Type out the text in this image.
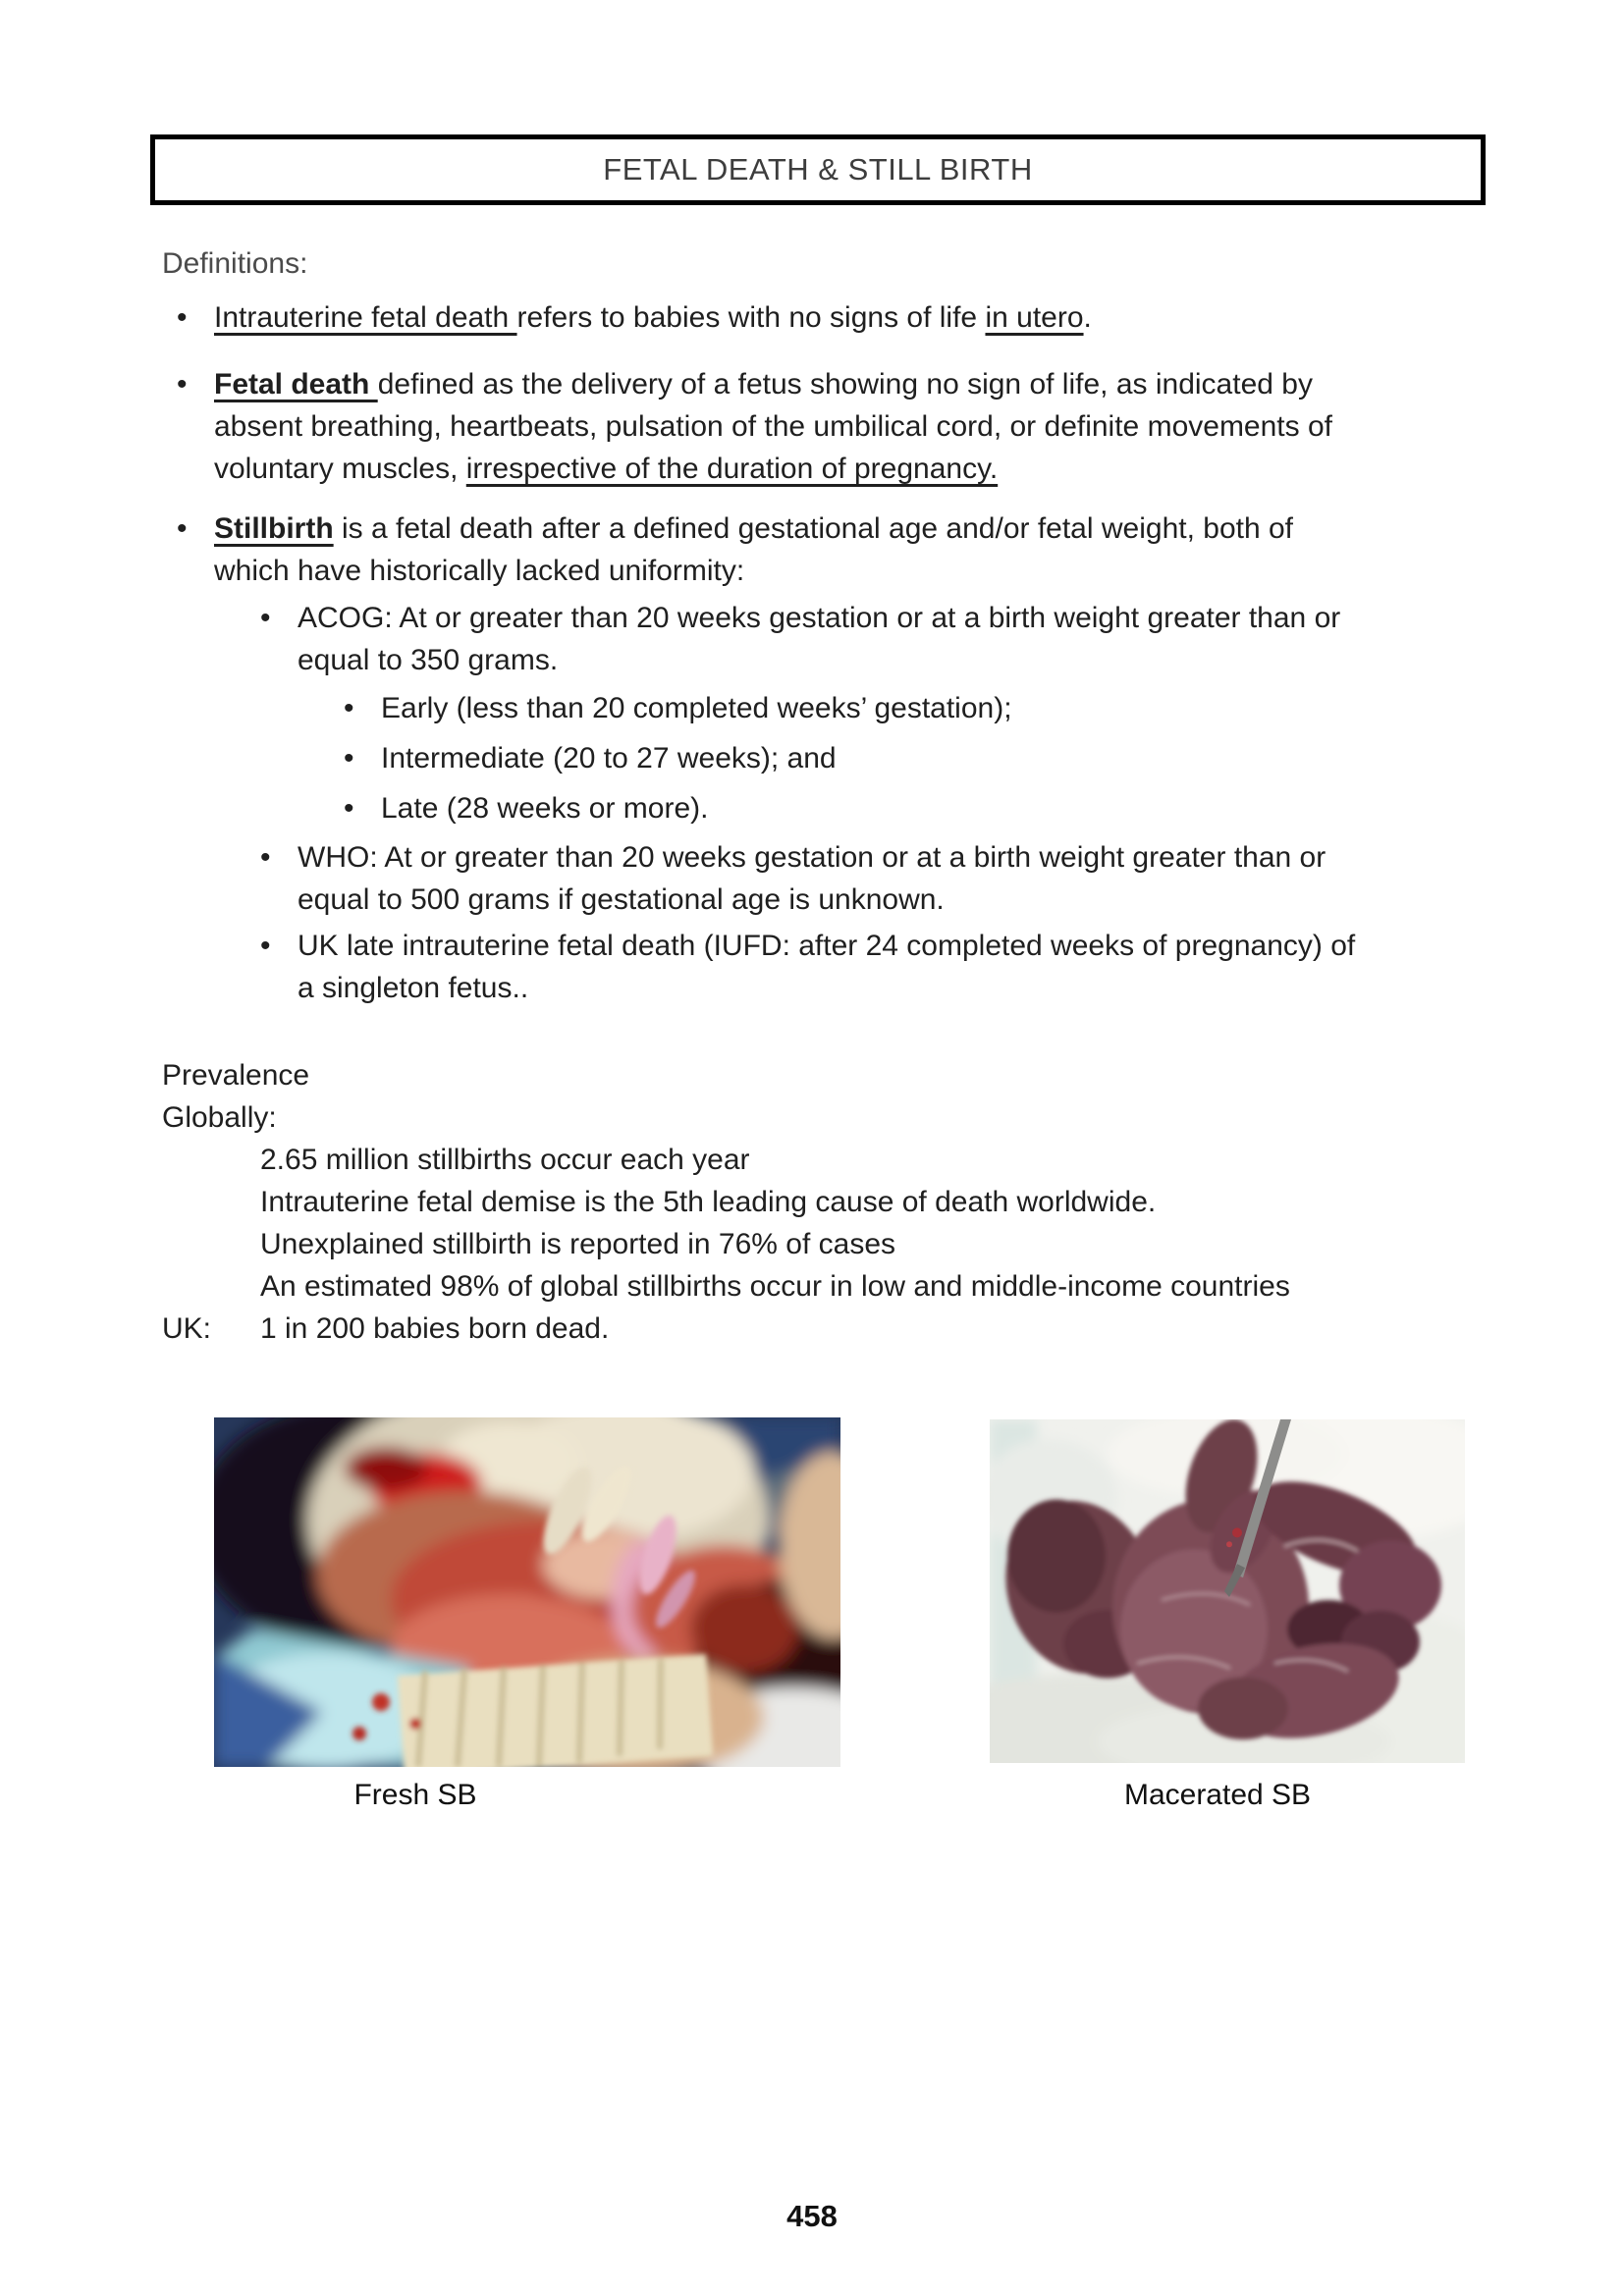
FETAL DEATH & STILL BIRTH
Definitions:
• Intrauterine fetal death refers to babies with no signs of life in utero.
• Fetal death defined as the delivery of a fetus showing no sign of life, as indicated by
absent breathing, heartbeats, pulsation of the umbilical cord, or definite movements of
voluntary muscles, irrespective of the duration of pregnancy.
• Stillbirth is a fetal death after a defined gestational age and/or fetal weight, both of
which have historically lacked uniformity:
• ACOG: At or greater than 20 weeks gestation or at a birth weight greater than or
equal to 350 grams.
• Early (less than 20 completed weeks’ gestation);
• Intermediate (20 to 27 weeks); and
• Late (28 weeks or more).
• WHO: At or greater than 20 weeks gestation or at a birth weight greater than or
equal to 500 grams if gestational age is unknown.
• UK late intrauterine fetal death (IUFD: after 24 completed weeks of pregnancy) of
a singleton fetus..
Prevalence
Globally:
2.65 million stillbirths occur each year
Intrauterine fetal demise is the 5th leading cause of death worldwide.
Unexplained stillbirth is reported in 76% of cases
An estimated 98% of global stillbirths occur in low and middle-income countries
UK:	1 in 200 babies born dead.
Fresh SB	Macerated SB
458
